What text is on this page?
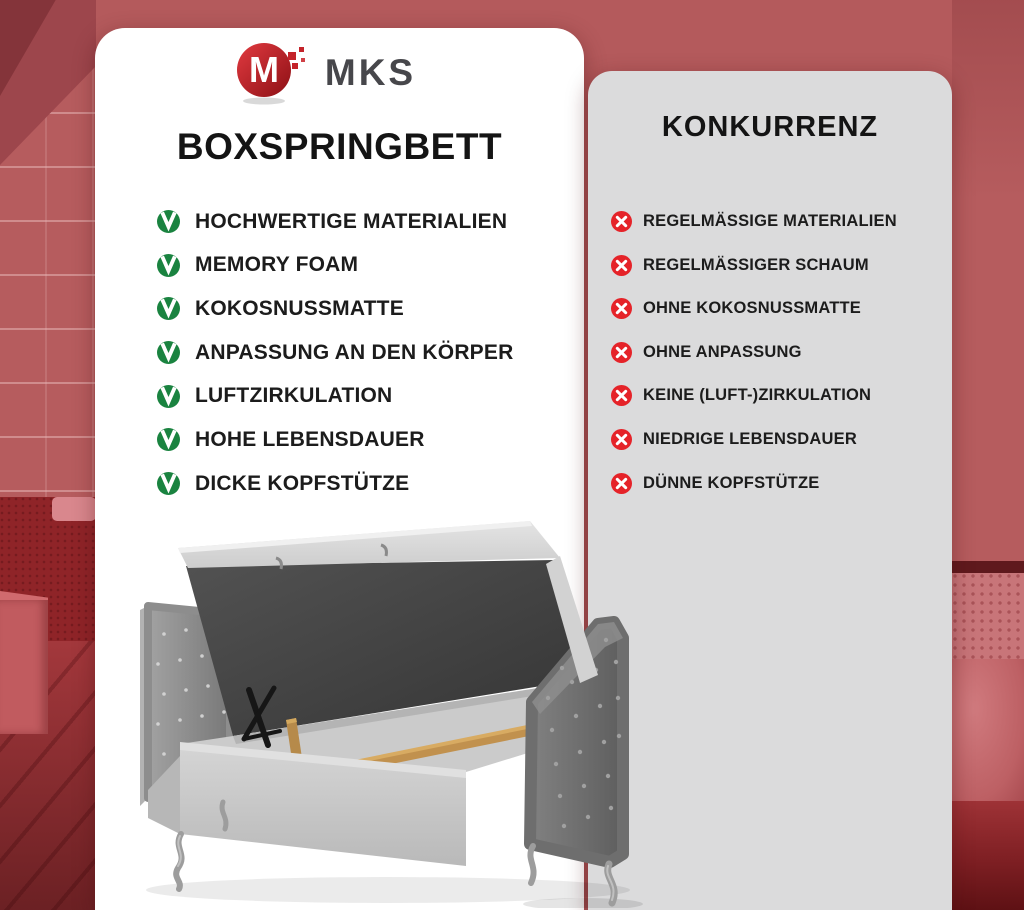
M MKS
BOXSPRINGBETT
HOCHWERTIGE MATERIALIEN
MEMORY FOAM
KOKOSNUSSMATTE
ANPASSUNG AN DEN KÖRPER
LUFTZIRKULATION
HOHE LEBENSDAUER
DICKE KOPFSTÜTZE
KONKURRENZ
REGELMÄSSIGE MATERIALIEN
REGELMÄSSIGER SCHAUM
OHNE KOKOSNUSSMATTE
OHNE ANPASSUNG
KEINE (LUFT-)ZIRKULATION
NIEDRIGE LEBENSDAUER
DÜNNE KOPFSTÜTZE
